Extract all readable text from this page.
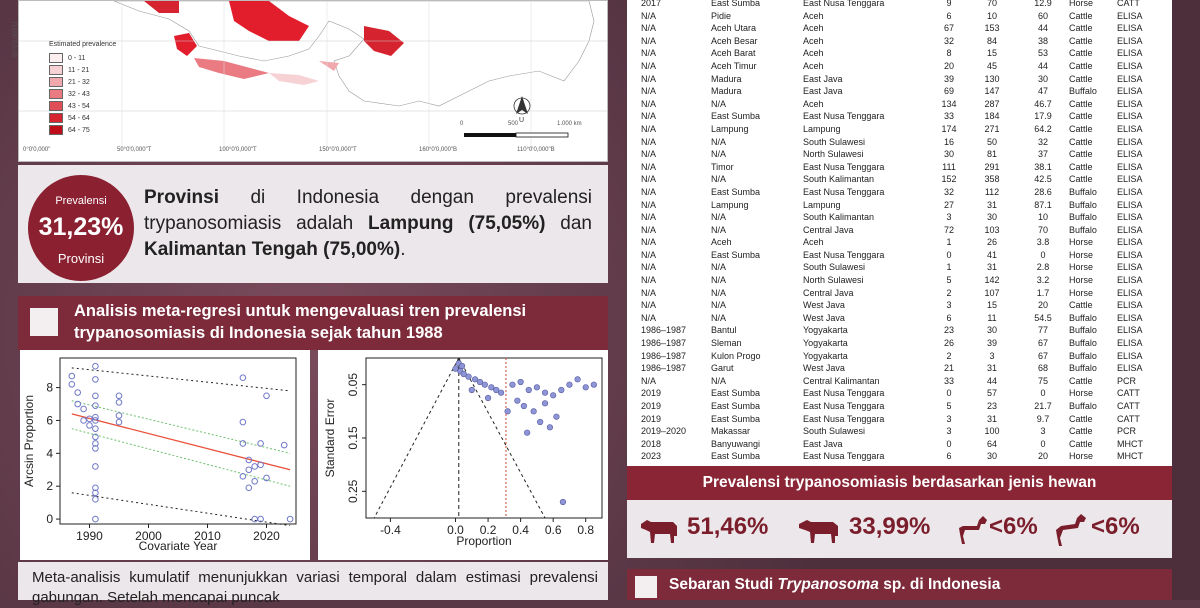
U
Estimated prevalence
0 - 11
11 - 21
21 - 32
32 - 43
43 - 54
54 - 64
64 - 75
0	500	1.000 km
50°0'0,000"U
0°0'0,000"	50°0'0,000"T	100°0'0,000"T	150°0'0,000"T	160°0'0,000"B	110°0'0,000"B
Prevalensi
31,23%
Provinsi
Provinsi di Indonesia dengan prevalensi trypanosomiasis adalah Lampung (75,05%) dan Kalimantan Tengah (75,00%).
Analisis meta-regresi untuk mengevaluasi tren prevalensi trypanosomiasis di Indonesia sejak tahun 1988
1990	2000	2010	2020
0
2
4
6
8
Covariate Year
Arcsin Proportion
-0.4	0.0 0.2 0.4 0.6 0.8
0.05
0.15
0.25
Proportion
Standard Error
Meta-analisis kumulatif menunjukkan variasi temporal dalam estimasi prevalensi gabungan. Setelah mencapai puncak
2017	East Sumba	East Nusa Tenggara	9	70	12.9	Horse	CATT
N/A	Pidie	Aceh	6	10	60	Cattle	ELISA
N/A	Aceh Utara	Aceh	67	153	44	Cattle	ELISA
N/A	Aceh Besar	Aceh	32	84	38	Cattle	ELISA
N/A	Aceh Barat	Aceh	8	15	53	Cattle	ELISA
N/A	Aceh Timur	Aceh	20	45	44	Cattle	ELISA
N/A	Madura	East Java	39	130	30	Cattle	ELISA
N/A	Madura	East Java	69	147	47	Buffalo	ELISA
N/A	N/A	Aceh	134	287	46.7	Cattle	ELISA
N/A	East Sumba	East Nusa Tenggara	33	184	17.9	Cattle	ELISA
N/A	Lampung	Lampung	174	271	64.2	Cattle	ELISA
N/A	N/A	South Sulawesi	16	50	32	Cattle	ELISA
N/A	N/A	North Sulawesi	30	81	37	Cattle	ELISA
N/A	Timor	East Nusa Tenggara	111	291	38.1	Cattle	ELISA
N/A	N/A	South Kalimantan	152	358	42.5	Cattle	ELISA
N/A	East Sumba	East Nusa Tenggara	32	112	28.6	Buffalo	ELISA
N/A	Lampung	Lampung	27	31	87.1	Buffalo	ELISA
N/A	N/A	South Kalimantan	3	30	10	Buffalo	ELISA
N/A	N/A	Central Java	72	103	70	Buffalo	ELISA
N/A	Aceh	Aceh	1	26	3.8	Horse	ELISA
N/A	East Sumba	East Nusa Tenggara	0	41	0	Horse	ELISA
N/A	N/A	South Sulawesi	1	31	2.8	Horse	ELISA
N/A	N/A	North Sulawesi	5	142	3.2	Horse	ELISA
N/A	N/A	Central Java	2	107	1.7	Horse	ELISA
N/A	N/A	West Java	3	15	20	Cattle	ELISA
N/A	N/A	West Java	6	11	54.5	Buffalo	ELISA
1986–1987	Bantul	Yogyakarta	23	30	77	Buffalo	ELISA
1986–1987	Sleman	Yogyakarta	26	39	67	Buffalo	ELISA
1986–1987	Kulon Progo	Yogyakarta	2	3	67	Buffalo	ELISA
1986–1987	Garut	West Java	21	31	68	Buffalo	ELISA
N/A	N/A	Central Kalimantan	33	44	75	Cattle	PCR
2019	East Sumba	East Nusa Tenggara	0	57	0	Horse	CATT
2019	East Sumba	East Nusa Tenggara	5	23	21.7	Buffalo	CATT
2019	East Sumba	East Nusa Tenggara	3	31	9.7	Cattle	CATT
2019–2020	Makassar	South Sulawesi	3	100	3	Cattle	PCR
2018	Banyuwangi	East Java	0	64	0	Cattle	MHCT
2023	East Sumba	East Nusa Tenggara	6	30	20	Horse	MHCT
Prevalensi trypanosomiasis berdasarkan jenis hewan
51,46%	33,99% <6% <6%
Sebaran Studi Trypanosoma sp. di Indonesia
